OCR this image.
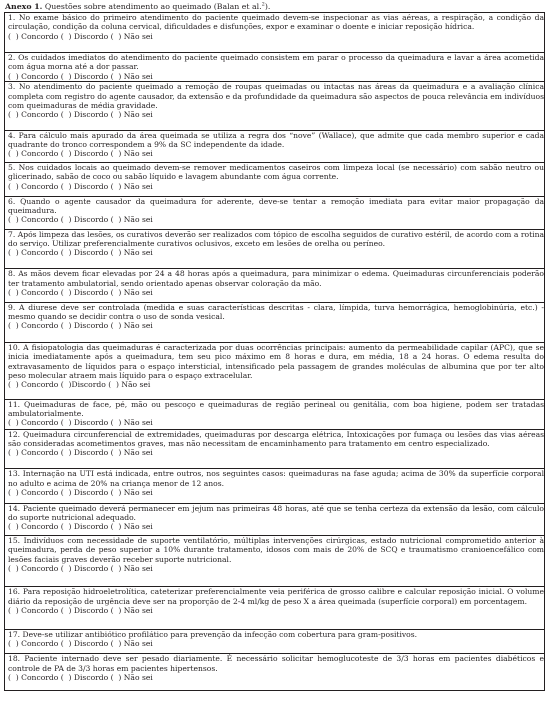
Anexo 1. Questões sobre atendimento ao queimado (Balan et al.$^2$).
1. No exame básico do primeiro atendimento do paciente queimado devem-se inspecionar as vias aéreas, a respiração, a condição da circulação, condição da coluna cervical, dificuldades e disfunções, expor e examinar o doente e iniciar reposição hídrica.
(  ) Concordo (  ) Discordo (  ) Não sei

2. Os cuidados imediatos do atendimento do paciente queimado consistem em parar o processo da queimadura e lavar a área acometida com água morna até a dor passar.
(  ) Concordo (  ) Discordo (  ) Não sei

3. No atendimento do paciente queimado a remoção de roupas queimadas ou intactas nas áreas da queimadura e a avaliação clínica completa com registro do agente causador, da extensão e da profundidade da queimadura são aspectos de pouca relevância em indivíduos com queimaduras de média gravidade.
(  ) Concordo (  ) Discordo (  ) Não sei

4. Para cálculo mais apurado da área queimada se utiliza a regra dos “nove” (Wallace), que admite que cada membro superior e cada quadrante do tronco correspondem a 9% da SC independente da idade.
(  ) Concordo (  ) Discordo (  ) Não sei

5. Nos cuidados locais ao queimado devem-se remover medicamentos caseiros com limpeza local (se necessário) com sabão neutro ou glicerinado, sabão de coco ou sabão líquido e lavagem abundante com água corrente.
(  ) Concordo (  ) Discordo (  ) Não sei

6. Quando o agente causador da queimadura for aderente, deve-se tentar a remoção imediata para evitar maior propagação da queimadura.
(  ) Concordo (  ) Discordo (  ) Não sei

7. Após limpeza das lesões, os curativos deverão ser realizados com tópico de escolha seguidos de curativo estéril, de acordo com a rotina do serviço. Utilizar preferencialmente curativos oclusivos, exceto em lesões de orelha ou períneo.
(  ) Concordo (  ) Discordo (  ) Não sei

8. As mãos devem ficar elevadas por 24 a 48 horas após a queimadura, para minimizar o edema. Queimaduras circunferenciais poderão ter tratamento ambulatorial, sendo orientado apenas observar coloração da mão.
(  ) Concordo (  ) Discordo (  ) Não sei

9. A diurese deve ser controlada (medida e suas características descritas - clara, límpida, turva hemorrágica, hemoglobinúria, etc.) - mesmo quando se decidir contra o uso de sonda vesical.
(  ) Concordo (  ) Discordo (  ) Não sei

10. A fisiopatologia das queimaduras é caracterizada por duas ocorrências principais: aumento da permeabilidade capilar (APC), que se inicia imediatamente após a queimadura, tem seu pico máximo em 8 horas e dura, em média, 18 a 24 horas. O edema resulta do extravasamento de líquidos para o espaço intersticial, intensificado pela passagem de grandes moléculas de albumina que por ter alto peso molecular atraem mais líquido para o espaço extracelular.
(  ) Concordo (  )Discordo (  ) Não sei

11. Queimaduras de face, pé, mão ou pescoço e queimaduras de região perineal ou genitália, com boa higiene, podem ser tratadas ambulatorialmente.
(  ) Concordo (  ) Discordo (  ) Não sei

12. Queimadura circunferencial de extremidades, queimaduras por descarga elétrica, Intoxicações por fumaça ou lesões das vias aéreas são consideradas acometimentos graves, mas não necessitam de encaminhamento para tratamento em centro especializado.
(  ) Concordo (  ) Discordo (  ) Não sei

13. Internação na UTI está indicada, entre outros, nos seguintes casos: queimaduras na fase aguda; acima de 30% da superfície corporal no adulto e acima de 20% na criança menor de 12 anos.
(  ) Concordo (  ) Discordo (  ) Não sei

14. Paciente queimado deverá permanecer em jejum nas primeiras 48 horas, até que se tenha certeza da extensão da lesão, com cálculo do suporte nutricional adequado.
(  ) Concordo (  ) Discordo (  ) Não sei

15. Indivíduos com necessidade de suporte ventilatório, múltiplas intervenções cirúrgicas, estado nutricional comprometido anterior à queimadura, perda de peso superior a 10% durante tratamento, idosos com mais de 20% de SCQ e traumatismo cranioencefálico com lesões faciais graves deverão receber suporte nutricional.
(  ) Concordo (  ) Discordo (  ) Não sei

16. Para reposição hidroeletrolítica, cateterizar preferencialmente veia periférica de grosso calibre e calcular reposição inicial. O volume diário da reposição de urgência deve ser na proporção de 2-4 ml/kg de peso X a área queimada (superfície corporal) em porcentagem.
(  ) Concordo (  ) Discordo (  ) Não sei

17. Deve-se utilizar antibiótico profilático para prevenção da infecção com cobertura para gram-positivos.
(  ) Concordo (  ) Discordo (  ) Não sei

18. Paciente internado deve ser pesado diariamente. É necessário solicitar hemoglucoteste de 3/3 horas em pacientes diabéticos e controle de PA de 3/3 horas em pacientes hipertensos.
(  ) Concordo (  ) Discordo (  ) Não sei
